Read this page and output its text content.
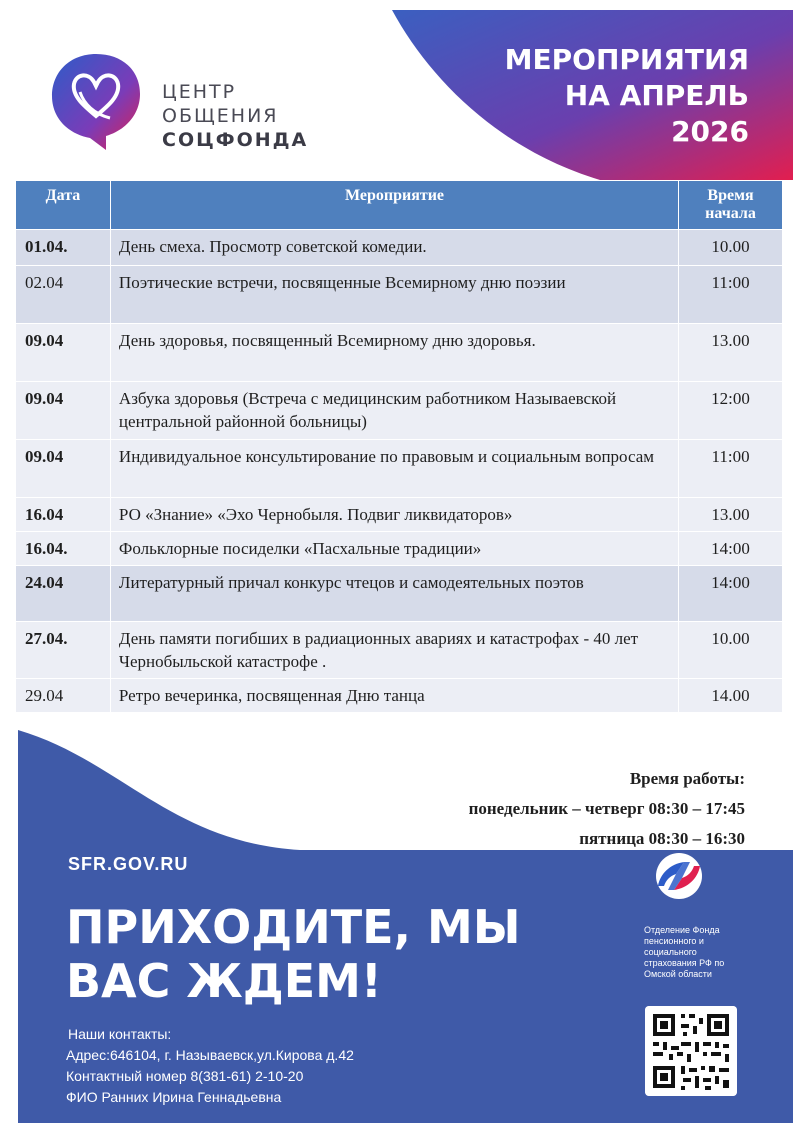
МЕРОПРИЯТИЯ
НА АПРЕЛЬ
2026
ЦЕНТР
ОБЩЕНИЯ
СОЦФОНДА
Дата	Мероприятие	Время начала
01.04.	День смеха. Просмотр советской комедии.	10.00
02.04	Поэтические встречи, посвященные Всемирному дню поэзии	11:00
09.04	День здоровья, посвященный Всемирному дню здоровья.	13.00
09.04	Азбука здоровья (Встреча с медицинским работником Называевской центральной районной больницы)	12:00
09.04	Индивидуальное консультирование по правовым и социальным вопросам	11:00
16.04	РО «Знание» «Эхо Чернобыля. Подвиг ликвидаторов»	13.00
16.04.	Фольклорные посиделки «Пасхальные традиции»	14:00
24.04	Литературный причал конкурс чтецов и самодеятельных поэтов	14:00
27.04.	День памяти погибших в радиационных авариях и катастрофах - 40 лет Чернобыльской катастрофе .	10.00
29.04	Ретро вечеринка, посвященная Дню танца	14.00
Время работы:
понедельник – четверг 08:30 – 17:45
пятница 08:30 – 16:30
SFR.GOV.RU
ПРИХОДИТЕ, МЫ
ВАС ЖДЕМ!
Наши контакты:
Адрес:646104, г. Называевск,ул.Кирова д.42
Контактный номер 8(381-61) 2-10-20
ФИО Ранних Ирина Геннадьевна
Отделение Фонда пенсионного и социального страхования РФ по Омской области
